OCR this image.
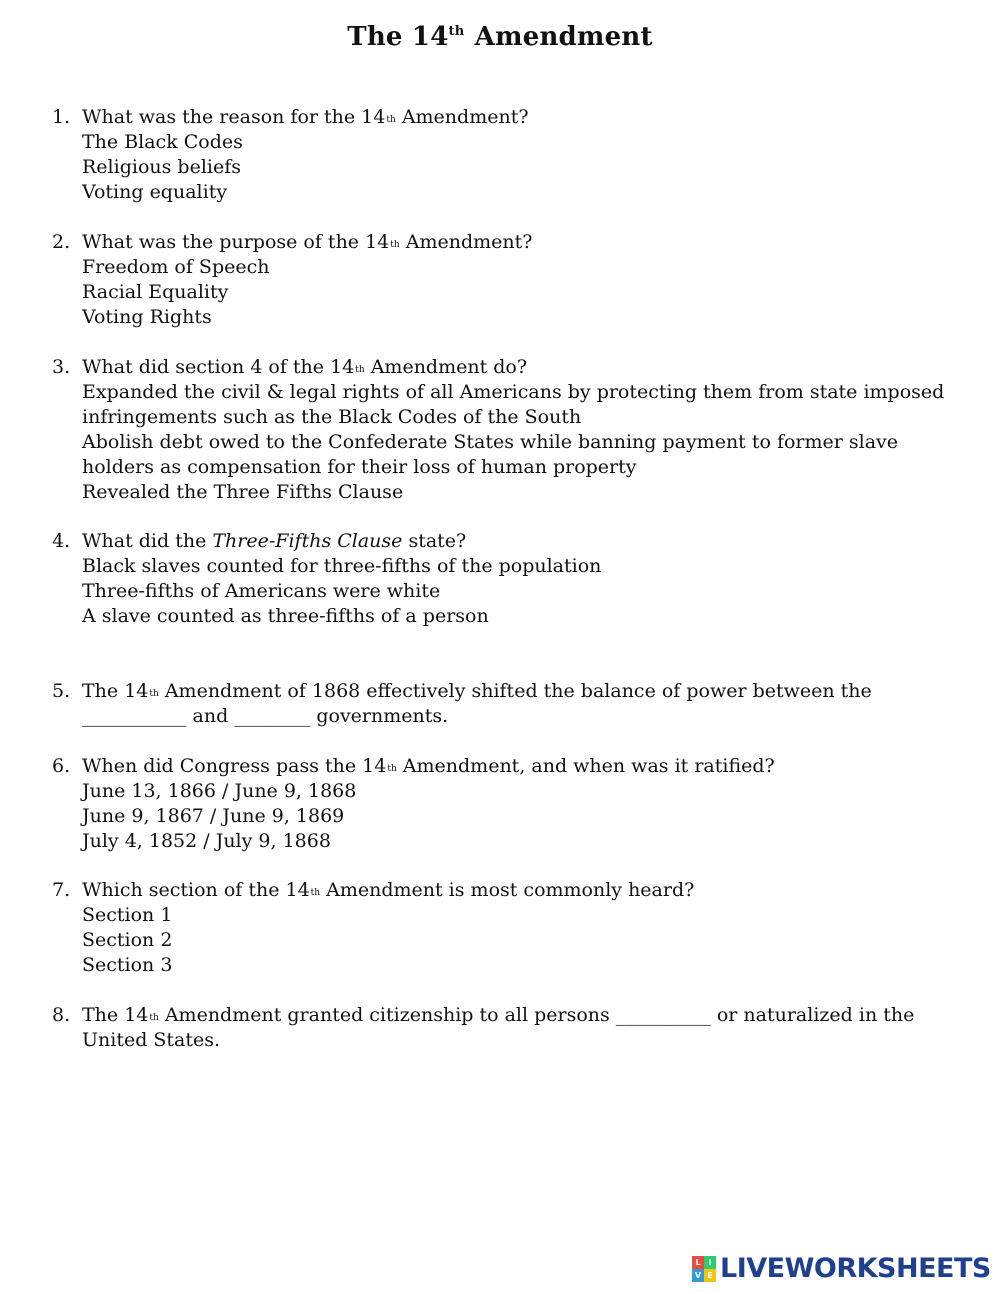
The 14th Amendment
1. What was the reason for the 14th Amendment?
The Black Codes
Religious beliefs
Voting equality
2. What was the purpose of the 14th Amendment?
Freedom of Speech
Racial Equality
Voting Rights
3. What did section 4 of the 14th Amendment do?
Expanded the civil & legal rights of all Americans by protecting them from state imposed
infringements such as the Black Codes of the South
Abolish debt owed to the Confederate States while banning payment to former slave
holders as compensation for their loss of human property
Revealed the Three Fifths Clause
4. What did the Three-Fifths Clause state?
Black slaves counted for three-fifths of the population
Three-fifths of Americans were white
A slave counted as three-fifths of a person
5. The 14th Amendment of 1868 effectively shifted the balance of power between the
___________ and ________ governments.
6. When did Congress pass the 14th Amendment, and when was it ratified?
June 13, 1866 / June 9, 1868
June 9, 1867 / June 9, 1869
July 4, 1852 / July 9, 1868
7. Which section of the 14th Amendment is most commonly heard?
Section 1
Section 2
Section 3
8. The 14th Amendment granted citizenship to all persons __________ or naturalized in the
United States.
L I
V E LIVEWORKSHEETS
